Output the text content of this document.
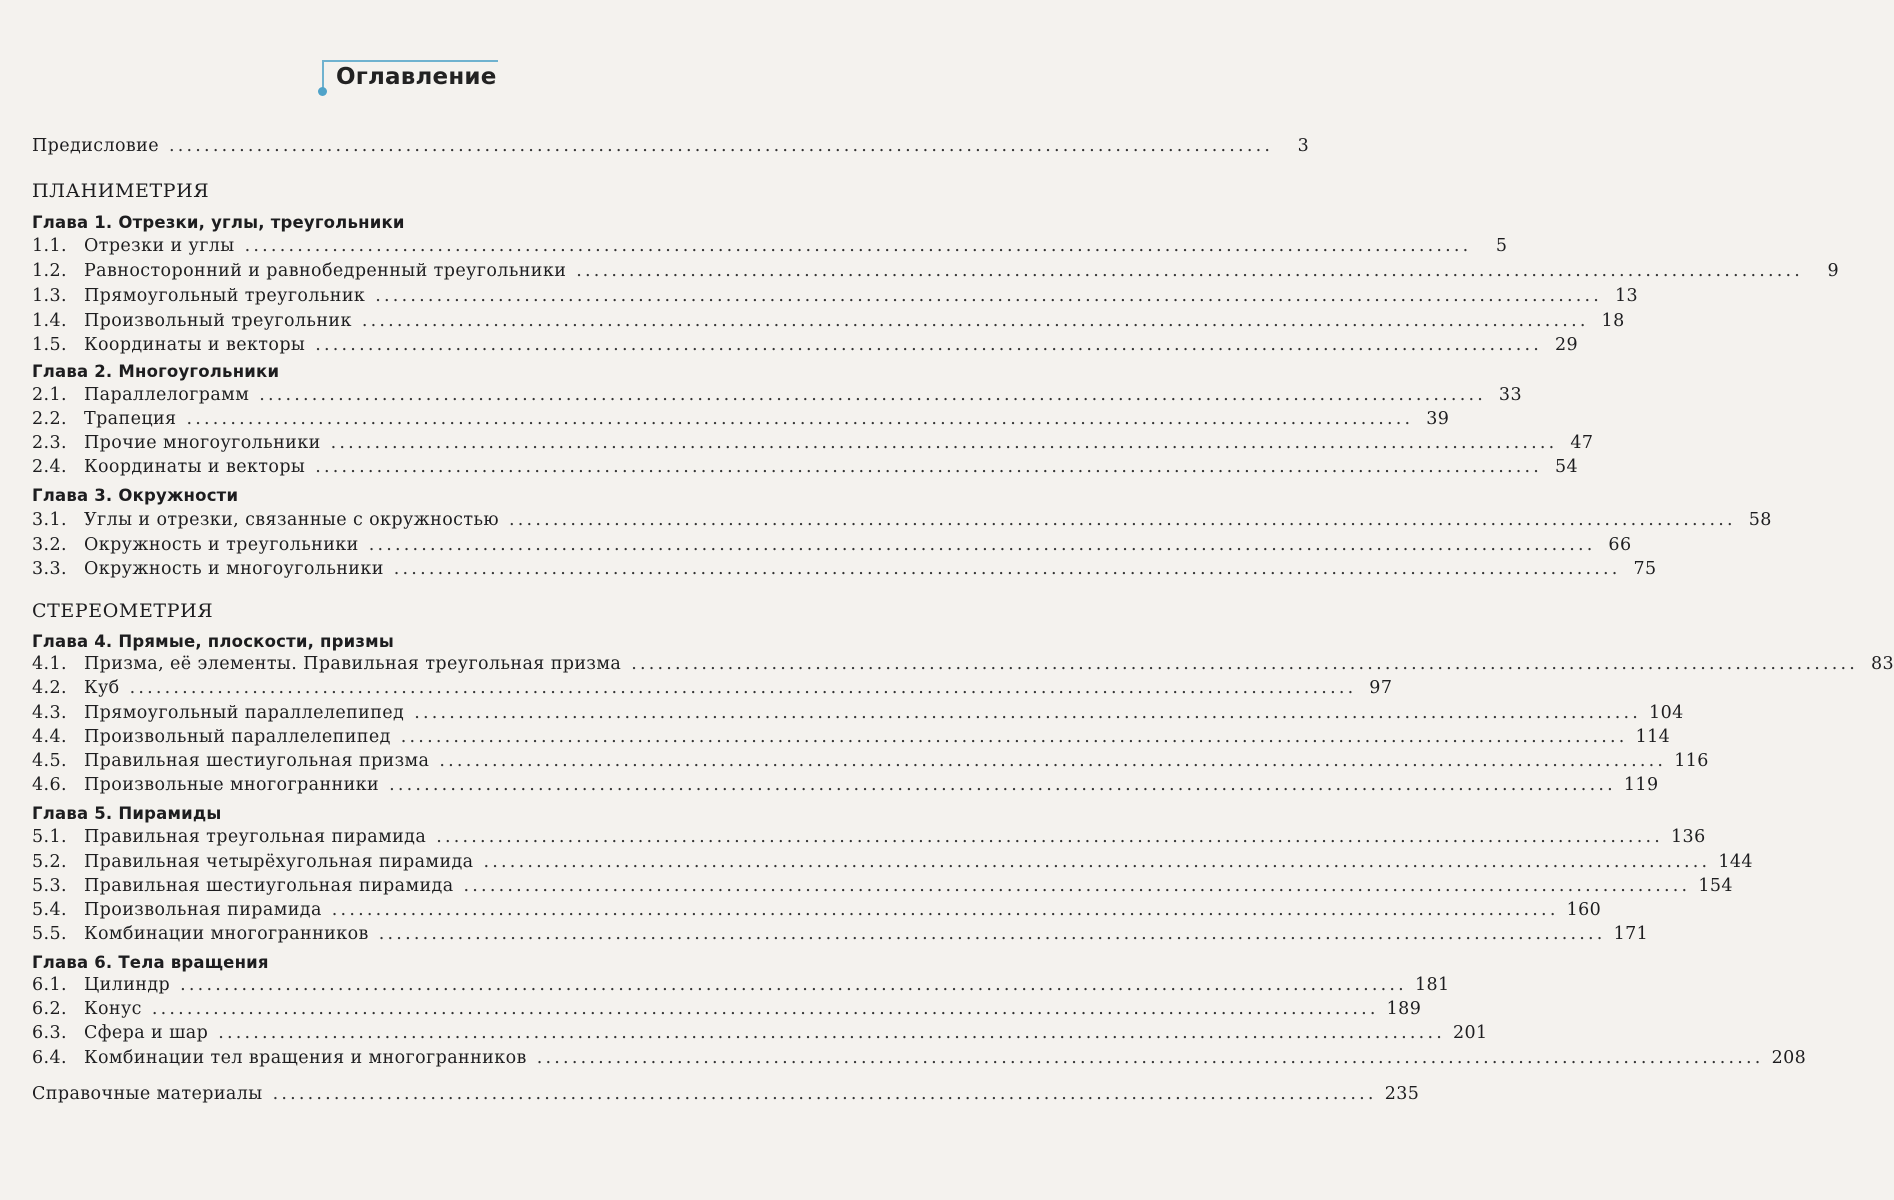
Оглавление
Предисловие ..............................................................................................................................	3
ПЛАНИМЕТРИЯ
Глава 1. Отрезки, углы, треугольники
1.1. Отрезки и углы ............................................................................................................................................	5
1.2. Равносторонний и равнобедренный треугольники ............................................................................................................................................	9
1.3. Прямоугольный треугольник ............................................................................................................................................ 13
1.4. Произвольный треугольник ............................................................................................................................................ 18
1.5. Координаты и векторы ............................................................................................................................................ 29
Глава 2. Многоугольники
2.1. Параллелограмм ............................................................................................................................................ 33
2.2. Трапеция ............................................................................................................................................ 39
2.3. Прочие многоугольники ............................................................................................................................................ 47
2.4. Координаты и векторы ............................................................................................................................................ 54
Глава 3. Окружности
3.1. Углы и отрезки, связанные с окружностью ............................................................................................................................................ 58
3.2. Окружность и треугольники ............................................................................................................................................ 66
3.3. Окружность и многоугольники ............................................................................................................................................ 75
СТЕРЕОМЕТРИЯ
Глава 4. Прямые, плоскости, призмы
4.1. Призма, её элементы. Правильная треугольная призма ............................................................................................................................................ 83
4.2. Куб ............................................................................................................................................ 97
4.3. Прямоугольный параллелепипед ............................................................................................................................................ 104
4.4. Произвольный параллелепипед ............................................................................................................................................ 114
4.5. Правильная шестиугольная призма ............................................................................................................................................ 116
4.6. Произвольные многогранники ............................................................................................................................................ 119
Глава 5. Пирамиды
5.1. Правильная треугольная пирамида ............................................................................................................................................ 136
5.2. Правильная четырёхугольная пирамида ............................................................................................................................................ 144
5.3. Правильная шестиугольная пирамида ............................................................................................................................................ 154
5.4. Произвольная пирамида ............................................................................................................................................ 160
5.5. Комбинации многогранников ............................................................................................................................................ 171
Глава 6. Тела вращения
6.1. Цилиндр ............................................................................................................................................ 181
6.2. Конус ............................................................................................................................................ 189
6.3. Сфера и шар ............................................................................................................................................ 201
6.4. Комбинации тел вращения и многогранников ............................................................................................................................................ 208
Справочные материалы .............................................................................................................................. 235
